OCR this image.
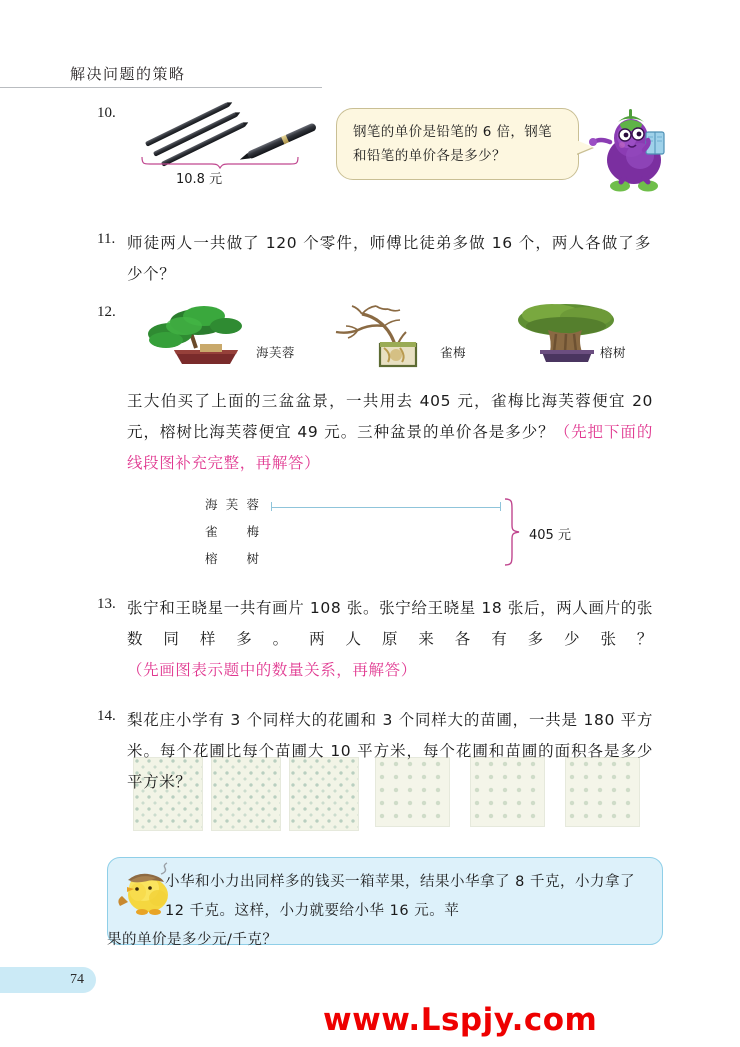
解决问题的策略
10.
10.8 元
钢笔的单价是铅笔的 6 倍，钢笔和铅笔的单价各是多少？
11. 师徒两人一共做了 120 个零件，师傅比徒弟多做 16 个，两人各做了多少个？
12.
海芙蓉	雀梅	榕树
王大伯买了上面的三盆盆景，一共用去 405 元，雀梅比海芙蓉便宜 20 元，榕树比海芙蓉便宜 49 元。三种盆景的单价各是多少？（先把下面的线段图补充完整，再解答）
海芙蓉
雀　梅
榕　树
405 元
13. 张宁和王晓星一共有画片 108 张。张宁给王晓星 18 张后，两人画片的张数同样多。两人原来各有多少张？（先画图表示题中的数量关系，再解答）
14. 梨花庄小学有 3 个同样大的花圃和 3 个同样大的苗圃，一共是 180 平方米。每个花圃比每个苗圃大 10 平方米，每个花圃和苗圃的面积各是多少平方米？
小华和小力出同样多的钱买一箱苹果，结果小华拿了 8 千克，小力拿了 12 千克。这样，小力就要给小华 16 元。苹
果的单价是多少元/千克？
74
www.Lspjy.com
